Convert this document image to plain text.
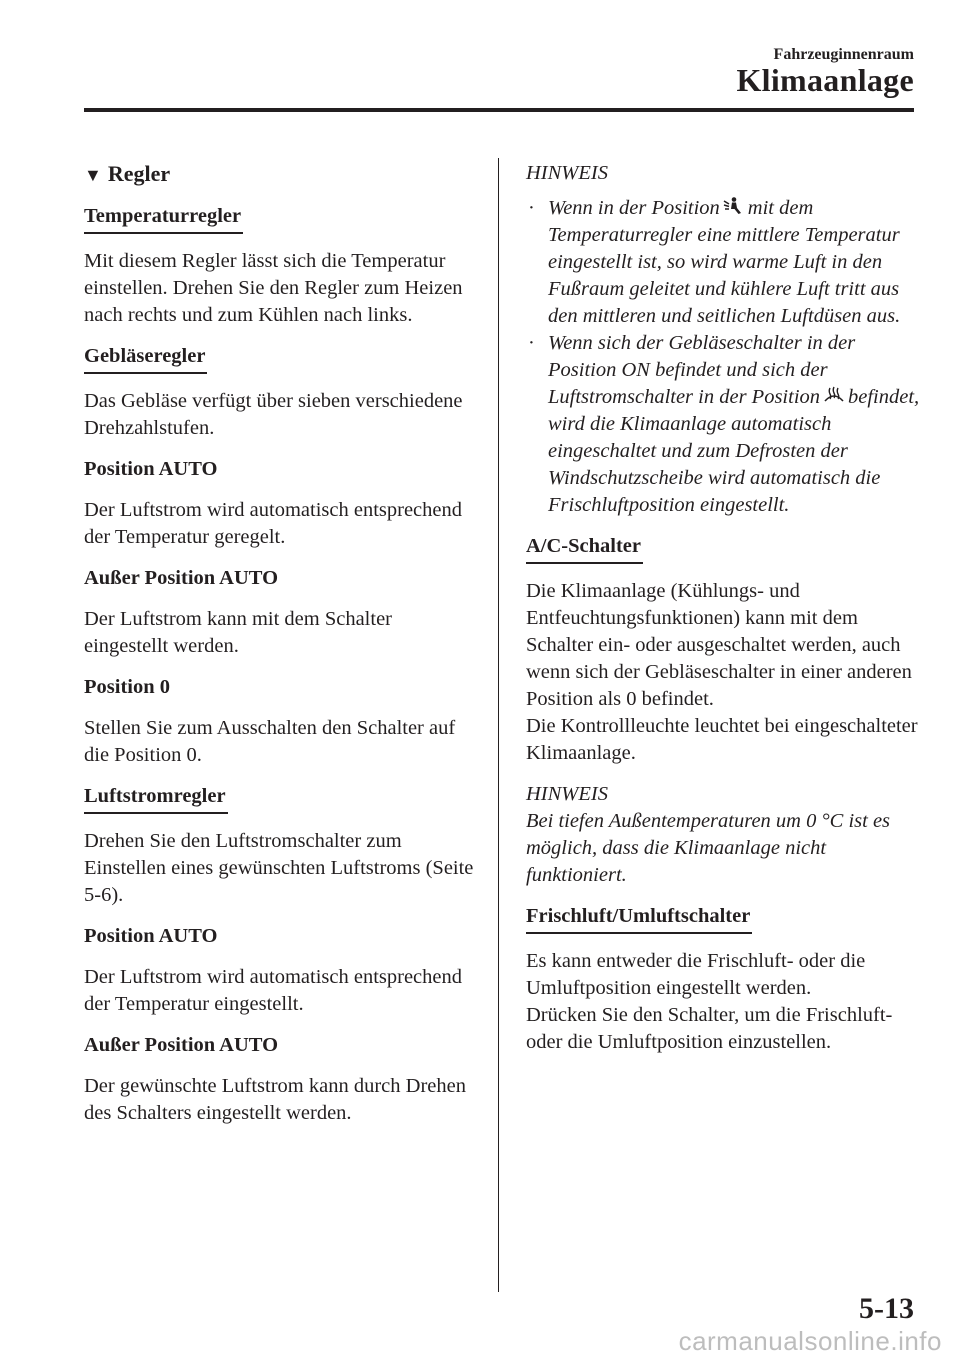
Fahrzeuginnenraum
Klimaanlage
▼ Regler
Temperaturregler

Mit diesem Regler lässt sich die Temperatur einstellen. Drehen Sie den Regler zum Heizen nach rechts und zum Kühlen nach links.

Gebläseregler

Das Gebläse verfügt über sieben verschiedene Drehzahlstufen.

Position AUTO

Der Luftstrom wird automatisch entsprechend der Temperatur geregelt.

Außer Position AUTO

Der Luftstrom kann mit dem Schalter eingestellt werden.

Position 0

Stellen Sie zum Ausschalten den Schalter auf die Position 0.

Luftstromregler

Drehen Sie den Luftstromschalter zum Einstellen eines gewünschten Luftstroms (Seite 5-6).

Position AUTO

Der Luftstrom wird automatisch entsprechend der Temperatur eingestellt.

Außer Position AUTO

Der gewünschte Luftstrom kann durch Drehen des Schalters eingestellt werden.

HINWEIS

· Wenn in der Position mit dem Temperaturregler eine mittlere Temperatur eingestellt ist, so wird warme Luft in den Fußraum geleitet und kühlere Luft tritt aus den mittleren und seitlichen Luftdüsen aus.
· Wenn sich der Gebläseschalter in der Position ON befindet und sich der Luftstromschalter in der Position befindet, wird die Klimaanlage automatisch eingeschaltet und zum Defrosten der Windschutzscheibe wird automatisch die Frischluftposition eingestellt.
A/C-Schalter

Die Klimaanlage (Kühlungs- und Entfeuchtungsfunktionen) kann mit dem Schalter ein- oder ausgeschaltet werden, auch wenn sich der Gebläseschalter in einer anderen Position als 0 befindet.

Die Kontrollleuchte leuchtet bei eingeschalteter Klimaanlage.

HINWEIS

Bei tiefen Außentemperaturen um 0 °C ist es möglich, dass die Klimaanlage nicht funktioniert.

Frischluft/Umluftschalter

Es kann entweder die Frischluft- oder die Umluftposition eingestellt werden.

Drücken Sie den Schalter, um die Frischluft- oder die Umluftposition einzustellen.

5-13
carmanualsonline.info
